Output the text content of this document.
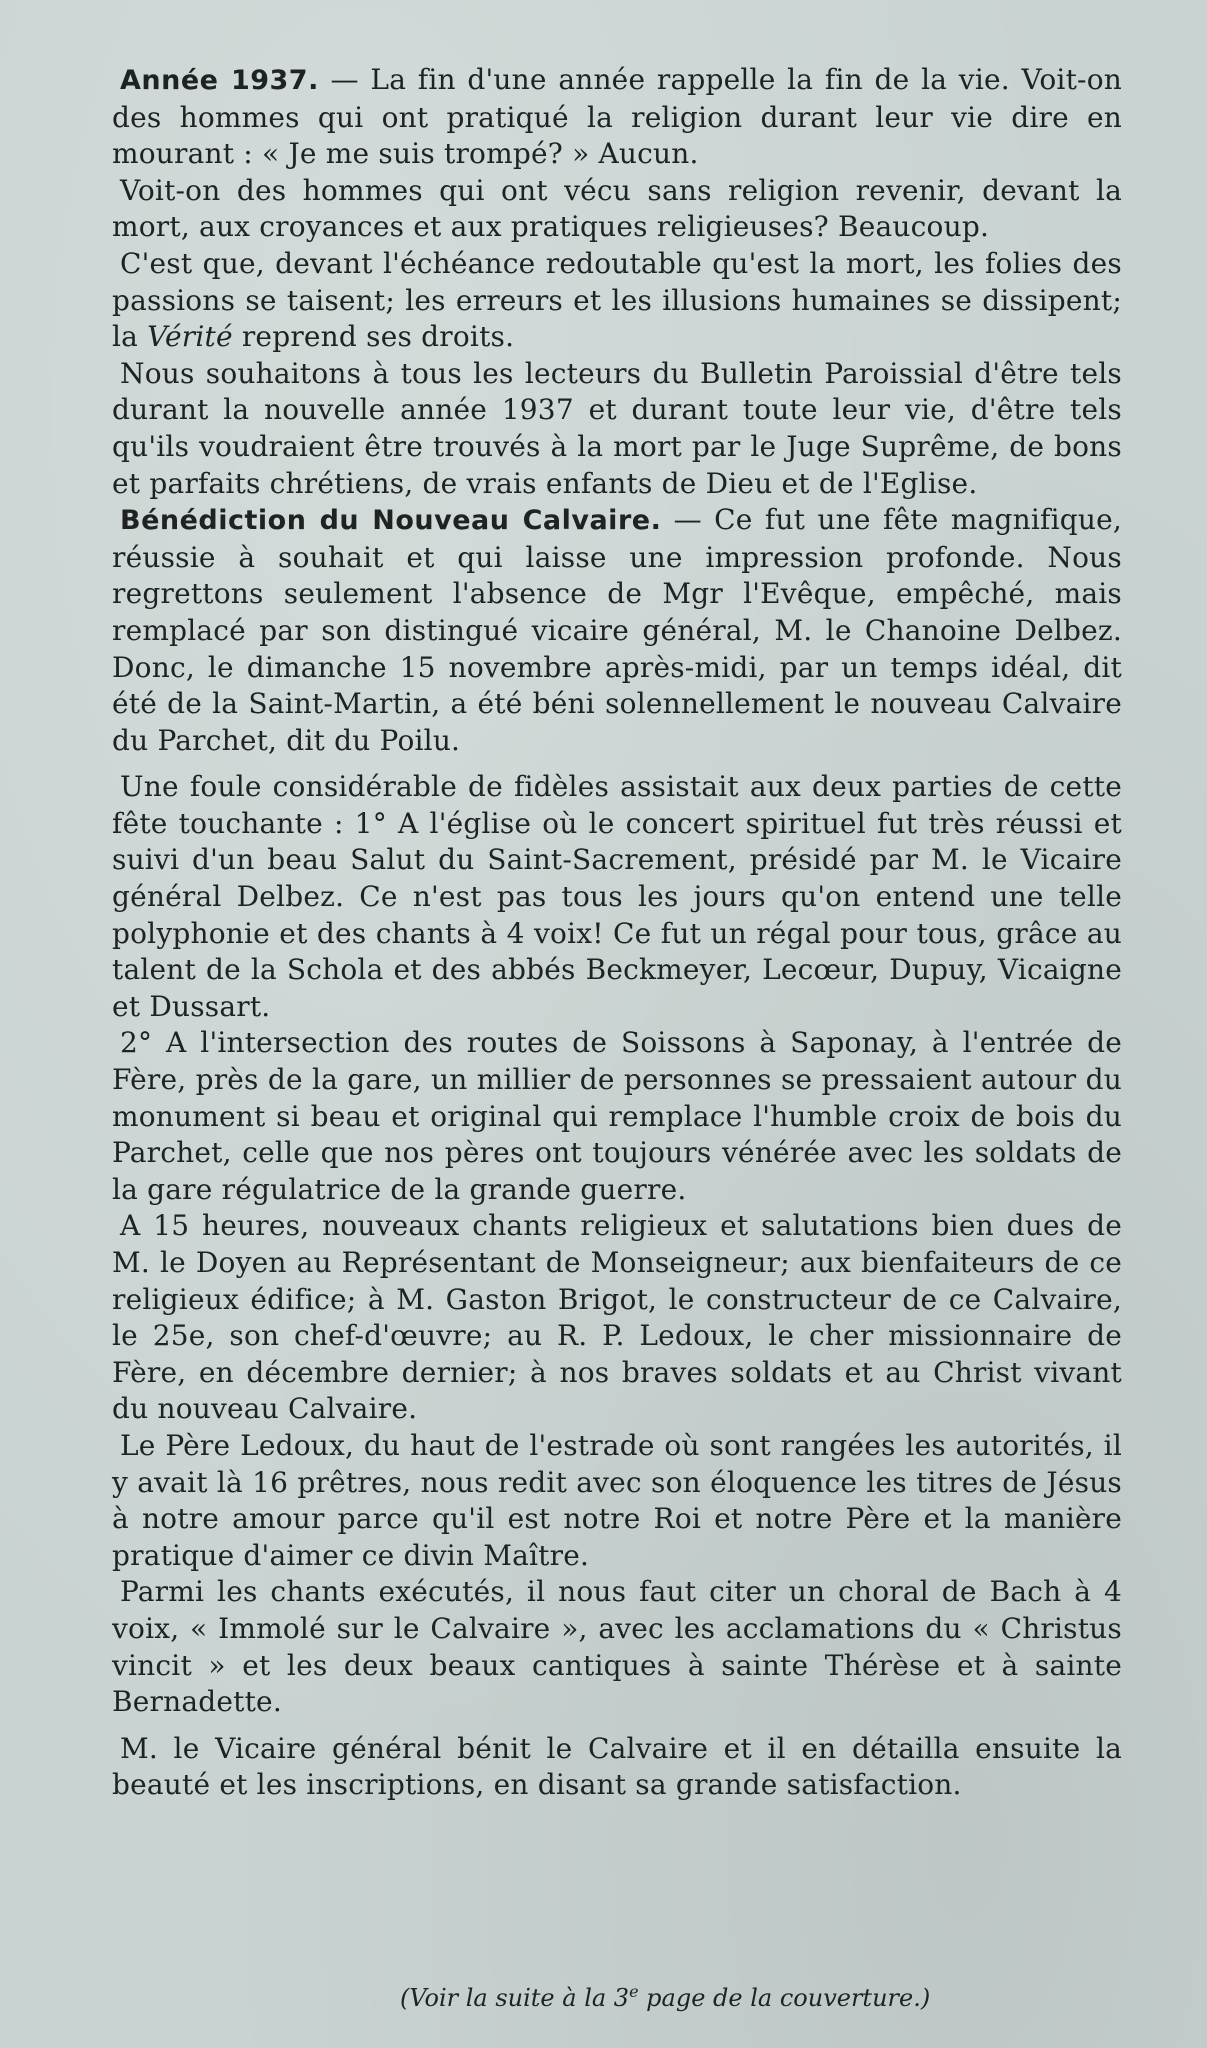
Année 1937. — La fin d'une année rappelle la fin de la vie. Voit-on des hommes qui ont pratiqué la religion durant leur vie dire en mourant : « Je me suis trompé? » Aucun.

Voit-on des hommes qui ont vécu sans religion revenir, devant la mort, aux croyances et aux pratiques religieuses? Beaucoup.

C'est que, devant l'échéance redoutable qu'est la mort, les folies des passions se taisent; les erreurs et les illusions humaines se dissipent; la Vérité reprend ses droits.

Nous souhaitons à tous les lecteurs du Bulletin Paroissial d'être tels durant la nouvelle année 1937 et durant toute leur vie, d'être tels qu'ils voudraient être trouvés à la mort par le Juge Suprême, de bons et parfaits chrétiens, de vrais enfants de Dieu et de l'Eglise.

Bénédiction du Nouveau Calvaire. — Ce fut une fête magnifique, réussie à souhait et qui laisse une impression profonde. Nous regrettons seulement l'absence de Mgr l'Evêque, empêché, mais remplacé par son distingué vicaire général, M. le Chanoine Delbez. Donc, le dimanche 15 novembre après-midi, par un temps idéal, dit été de la Saint-Martin, a été béni solennellement le nouveau Calvaire du Parchet, dit du Poilu.

Une foule considérable de fidèles assistait aux deux parties de cette fête touchante : 1° A l'église où le concert spirituel fut très réussi et suivi d'un beau Salut du Saint-Sacrement, présidé par M. le Vicaire général Delbez. Ce n'est pas tous les jours qu'on entend une telle polyphonie et des chants à 4 voix! Ce fut un régal pour tous, grâce au talent de la Schola et des abbés Beckmeyer, Lecœur, Dupuy, Vicaigne et Dussart.

2° A l'intersection des routes de Soissons à Saponay, à l'entrée de Fère, près de la gare, un millier de personnes se pressaient autour du monument si beau et original qui remplace l'humble croix de bois du Parchet, celle que nos pères ont toujours vénérée avec les soldats de la gare régulatrice de la grande guerre.

A 15 heures, nouveaux chants religieux et salutations bien dues de M. le Doyen au Représentant de Monseigneur; aux bienfaiteurs de ce religieux édifice; à M. Gaston Brigot, le constructeur de ce Calvaire, le 25e, son chef-d'œuvre; au R. P. Ledoux, le cher missionnaire de Fère, en décembre dernier; à nos braves soldats et au Christ vivant du nouveau Calvaire.

Le Père Ledoux, du haut de l'estrade où sont rangées les autorités, il y avait là 16 prêtres, nous redit avec son éloquence les titres de Jésus à notre amour parce qu'il est notre Roi et notre Père et la manière pratique d'aimer ce divin Maître.

Parmi les chants exécutés, il nous faut citer un choral de Bach à 4 voix, « Immolé sur le Calvaire », avec les acclamations du « Christus vincit » et les deux beaux cantiques à sainte Thérèse et à sainte Bernadette.

M. le Vicaire général bénit le Calvaire et il en détailla ensuite la beauté et les inscriptions, en disant sa grande satisfaction.

(Voir la suite à la 3e page de la couverture.)
